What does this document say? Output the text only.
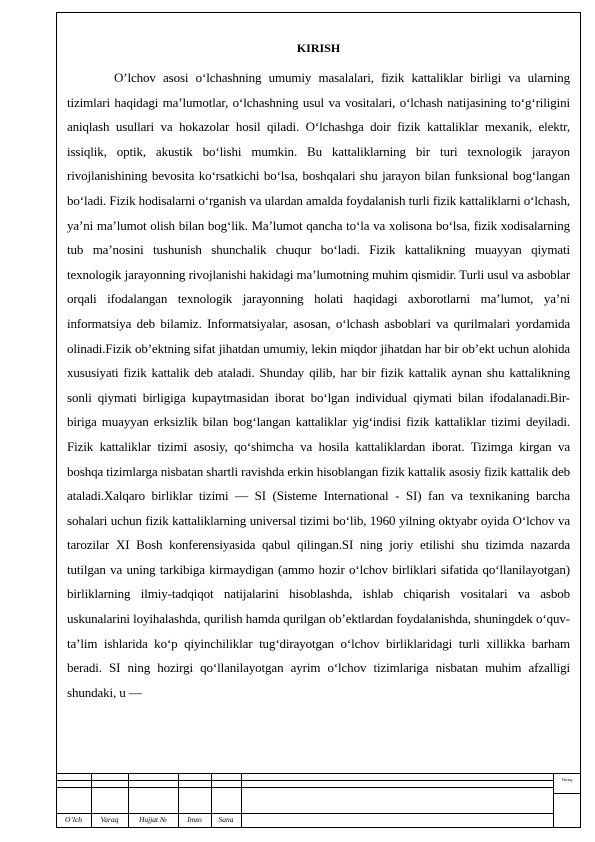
KIRISH

O’lchov asosi o‘lchashning umumiy masalalari, fizik kattaliklar birligi va ularning tizimlari haqidagi ma’lumotlar, o‘lchashning usul va vositalari, o‘lchash natijasining to‘g‘riligini aniqlash usullari va hokazolar hosil qiladi. O‘lchashga doir fizik kattaliklar mexanik, elektr, issiqlik, optik, akustik bo‘lishi mumkin. Bu kattaliklarning bir turi texnologik jarayon rivojlanishining bevosita ko‘rsatkichi bo‘lsa, boshqalari shu jarayon bilan funksional bog‘langan bo‘ladi. Fizik hodisalarni o‘rganish va ulardan amalda foydalanish turli fizik kattaliklarni o‘lchash, ya’ni ma’lumot olish bilan bog‘lik. Ma’lumot qancha to‘la va xolisona bo‘lsa, fizik xodisalarning tub ma’nosini tushunish shunchalik chuqur bo‘ladi. Fizik kattalikning muayyan qiymati texnologik jarayonning rivojlanishi hakidagi ma’lumotning muhim qismidir. Turli usul va asboblar orqali ifodalangan texnologik jarayonning holati haqidagi axborotlarni ma’lumot, ya’ni informatsiya deb bilamiz. Informatsiyalar, asosan, o‘lchash asboblari va qurilmalari yordamida olinadi.Fizik ob’ektning sifat jihatdan umumiy, lekin miqdor jihatdan har bir ob’ekt uchun alohida xususiyati fizik kattalik deb ataladi. Shunday qilib, har bir fizik kattalik aynan shu kattalikning sonli qiymati birligiga kupaytmasidan iborat bo‘lgan individual qiymati bilan ifodalanadi.Bir-biriga muayyan erksizlik bilan bog‘langan kattaliklar yig‘indisi fizik kattaliklar tizimi deyiladi. Fizik kattaliklar tizimi asosiy, qo‘shimcha va hosila kattaliklardan iborat. Tizimga kirgan va boshqa tizimlarga nisbatan shartli ravishda erkin hisoblangan fizik kattalik asosiy fizik kattalik deb ataladi.Xalqaro birliklar tizimi — SI (Sisteme International - SI) fan va texnikaning barcha sohalari uchun fizik kattaliklarning universal tizimi bo‘lib, 1960 yilning oktyabr oyida O‘lchov va tarozilar XI Bosh konferensiyasida qabul qilingan.SI ning joriy etilishi shu tizimda nazarda tutilgan va uning tarkibiga kirmaydigan (ammo hozir o‘lchov birliklari sifatida qo‘llanilayotgan) birliklarning ilmiy-tadqiqot natijalarini hisoblashda, ishlab chiqarish vositalari va asbob uskunalarini loyihalashda, qurilish hamda qurilgan ob’ektlardan foydalanishda, shuningdek o‘quv-ta’lim ishlarida ko‘p qiyinchiliklar tug‘dirayotgan o‘lchov birliklaridagi turli xillikka barham beradi. SI ning hozirgi qo‘llanilayotgan ayrim o‘lchov tizimlariga nisbatan muhim afzalligi shundaki, u —

O’lch	Varaq	Hujjat №	Imzo	Sana
Varaq
